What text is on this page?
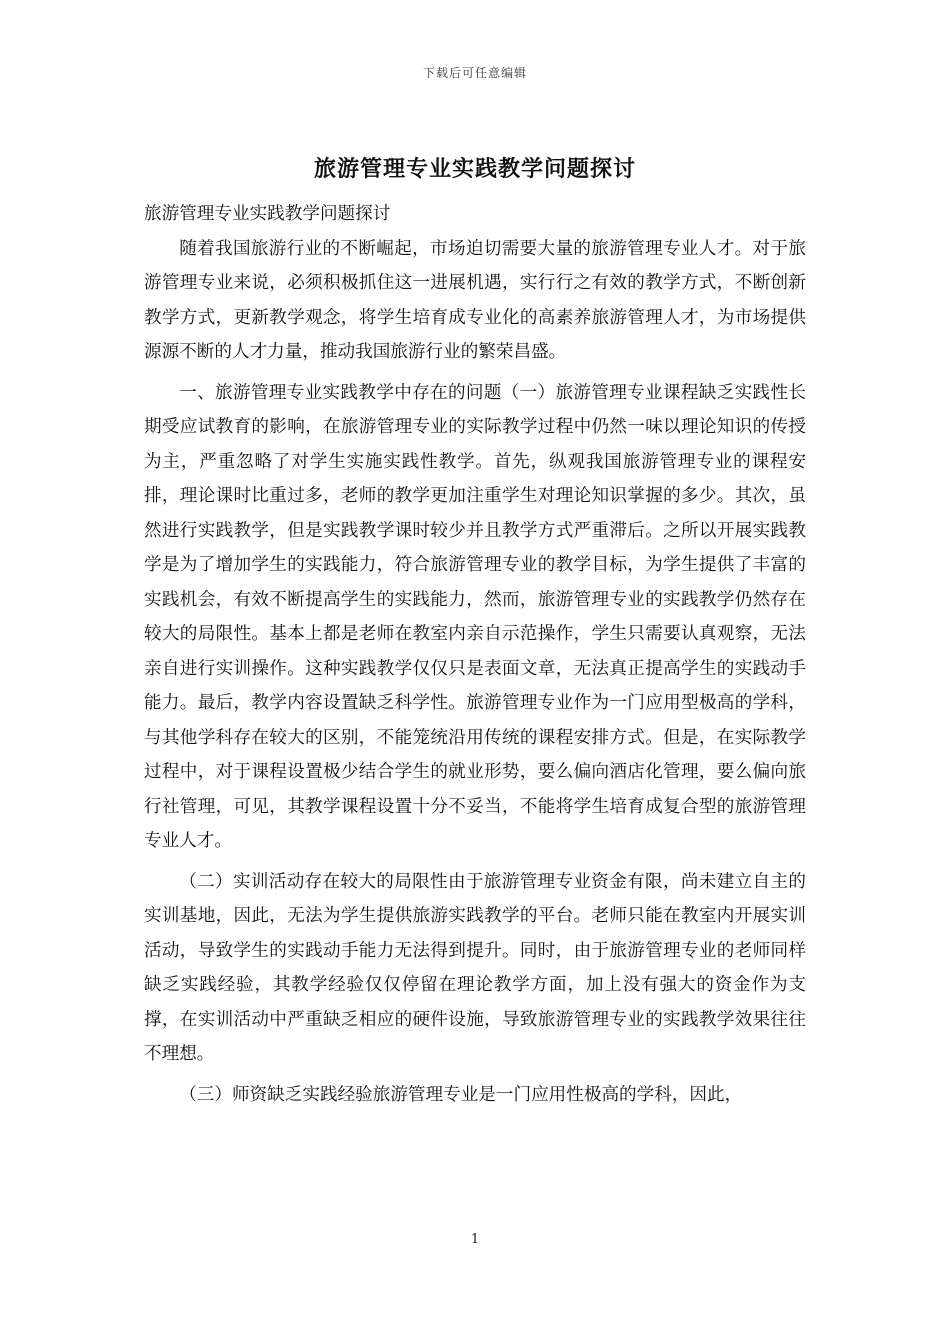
下载后可任意编辑
旅游管理专业实践教学问题探讨

旅游管理专业实践教学问题探讨

随着我国旅游行业的不断崛起，市场迫切需要大量的旅游管理专业人才。对于旅游管理专业来说，必须积极抓住这一进展机遇，实行行之有效的教学方式，不断创新教学方式，更新教学观念，将学生培育成专业化的高素养旅游管理人才，为市场提供源源不断的人才力量，推动我国旅游行业的繁荣昌盛。

一、旅游管理专业实践教学中存在的问题（一）旅游管理专业课程缺乏实践性长期受应试教育的影响，在旅游管理专业的实际教学过程中仍然一味以理论知识的传授为主，严重忽略了对学生实施实践性教学。首先，纵观我国旅游管理专业的课程安排，理论课时比重过多，老师的教学更加注重学生对理论知识掌握的多少。其次，虽然进行实践教学，但是实践教学课时较少并且教学方式严重滞后。之所以开展实践教学是为了增加学生的实践能力，符合旅游管理专业的教学目标，为学生提供了丰富的实践机会，有效不断提高学生的实践能力，然而，旅游管理专业的实践教学仍然存在较大的局限性。基本上都是老师在教室内亲自示范操作，学生只需要认真观察，无法亲自进行实训操作。这种实践教学仅仅只是表面文章，无法真正提高学生的实践动手能力。最后，教学内容设置缺乏科学性。旅游管理专业作为一门应用型极高的学科，与其他学科存在较大的区别，不能笼统沿用传统的课程安排方式。但是，在实际教学过程中，对于课程设置极少结合学生的就业形势，要么偏向酒店化管理，要么偏向旅行社管理，可见，其教学课程设置十分不妥当，不能将学生培育成复合型的旅游管理专业人才。

（二）实训活动存在较大的局限性由于旅游管理专业资金有限，尚未建立自主的实训基地，因此，无法为学生提供旅游实践教学的平台。老师只能在教室内开展实训活动，导致学生的实践动手能力无法得到提升。同时，由于旅游管理专业的老师同样缺乏实践经验，其教学经验仅仅停留在理论教学方面，加上没有强大的资金作为支撑，在实训活动中严重缺乏相应的硬件设施，导致旅游管理专业的实践教学效果往往不理想。

（三）师资缺乏实践经验旅游管理专业是一门应用性极高的学科，因此，

1
